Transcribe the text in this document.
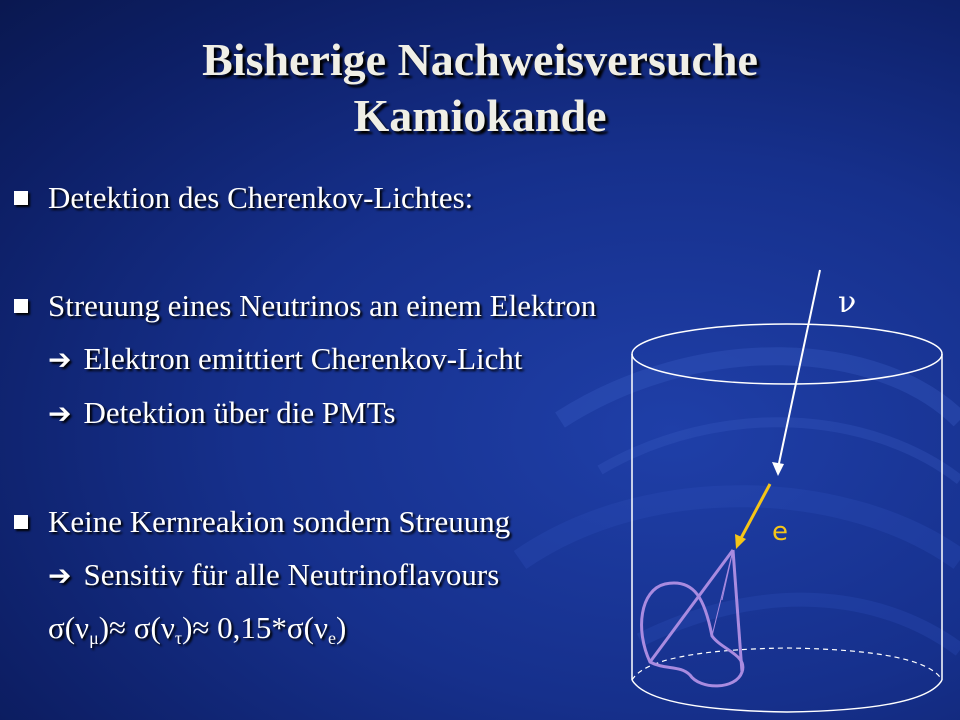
Bisherige Nachweisversuche
Kamiokande
Detektion des Cherenkov-Lichtes:
Streuung eines Neutrinos an einem Elektron
➔ Elektron emittiert Cherenkov-Licht
➔ Detektion über die PMTs
Keine Kernreakion sondern Streuung
➔ Sensitiv für alle Neutrinoflavours
$\sigma(\nu_\mu)\approx \sigma(\nu_\tau)\approx 0,15*\sigma(\nu_e)$
ν
e
